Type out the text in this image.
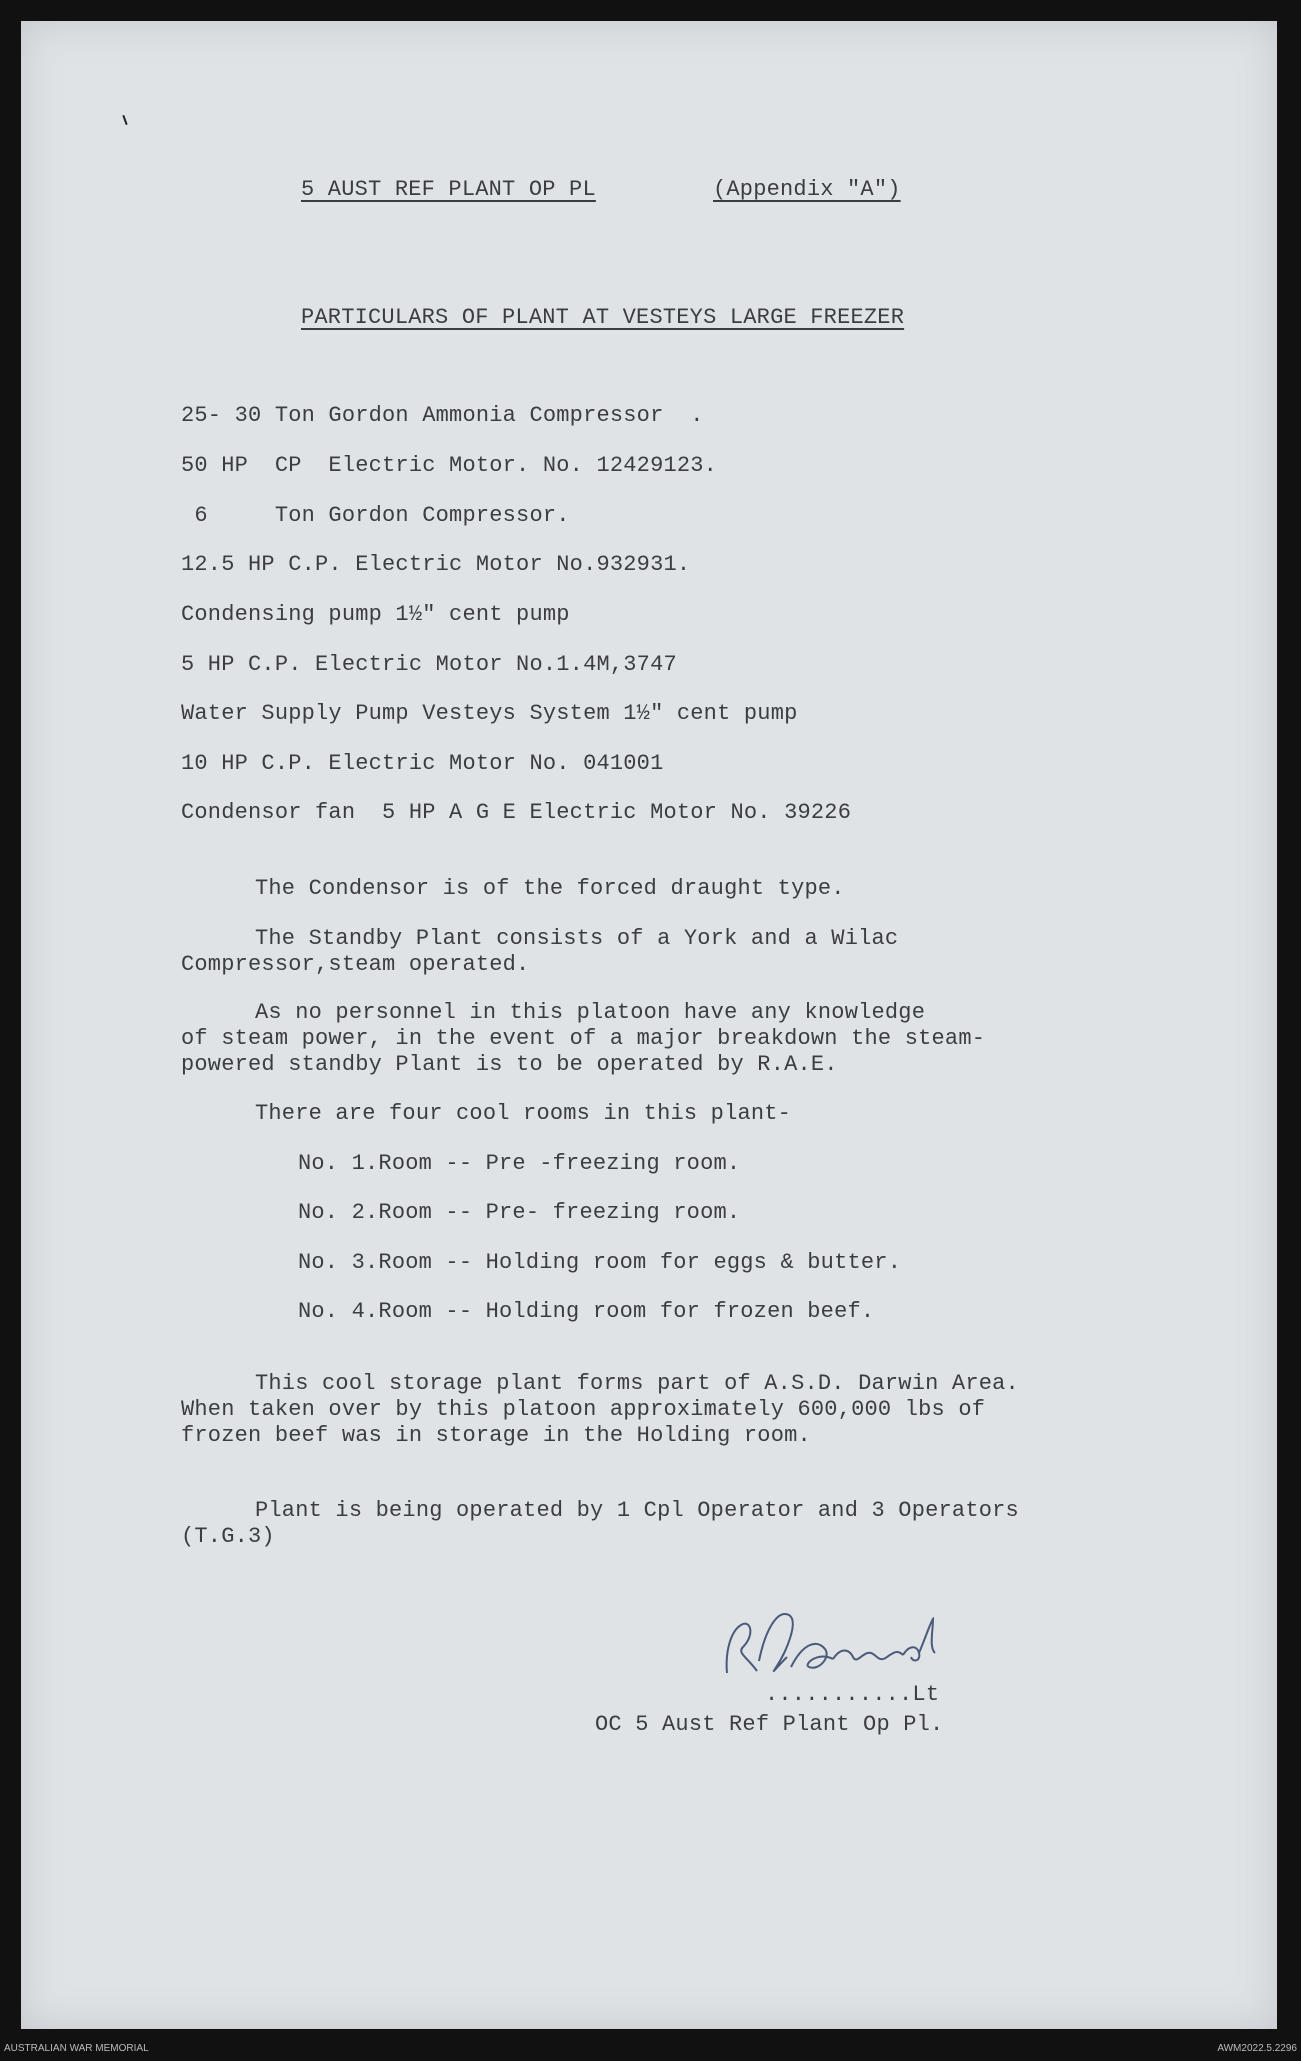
5 AUST REF PLANT OP PL	(Appendix "A")
PARTICULARS OF PLANT AT VESTEYS LARGE FREEZER
25- 30 Ton Gordon Ammonia Compressor  .
50 HP  CP  Electric Motor. No. 12429123.
6     Ton Gordon Compressor.
12.5 HP C.P. Electric Motor No.932931.
Condensing pump 1½" cent pump
5 HP C.P. Electric Motor No.1.4M,3747
Water Supply Pump Vesteys System 1½" cent pump
10 HP C.P. Electric Motor No. 041001
Condensor fan  5 HP A G E Electric Motor No. 39226
The Condensor is of the forced draught type.
The Standby Plant consists of a York and a Wilac
Compressor,steam operated.
As no personnel in this platoon have any knowledge
of steam power, in the event of a major breakdown the steam-
powered standby Plant is to be operated by R.A.E.
There are four cool rooms in this plant-
No. 1.Room -- Pre -freezing room.
No. 2.Room -- Pre- freezing room.
No. 3.Room -- Holding room for eggs & butter.
No. 4.Room -- Holding room for frozen beef.
This cool storage plant forms part of A.S.D. Darwin Area.
When taken over by this platoon approximately 600,000 lbs of
frozen beef was in storage in the Holding room.
Plant is being operated by 1 Cpl Operator and 3 Operators
(T.G.3)
...........Lt
OC 5 Aust Ref Plant Op Pl.
AUSTRALIAN WAR MEMORIAL	AWM2022.5.2296
